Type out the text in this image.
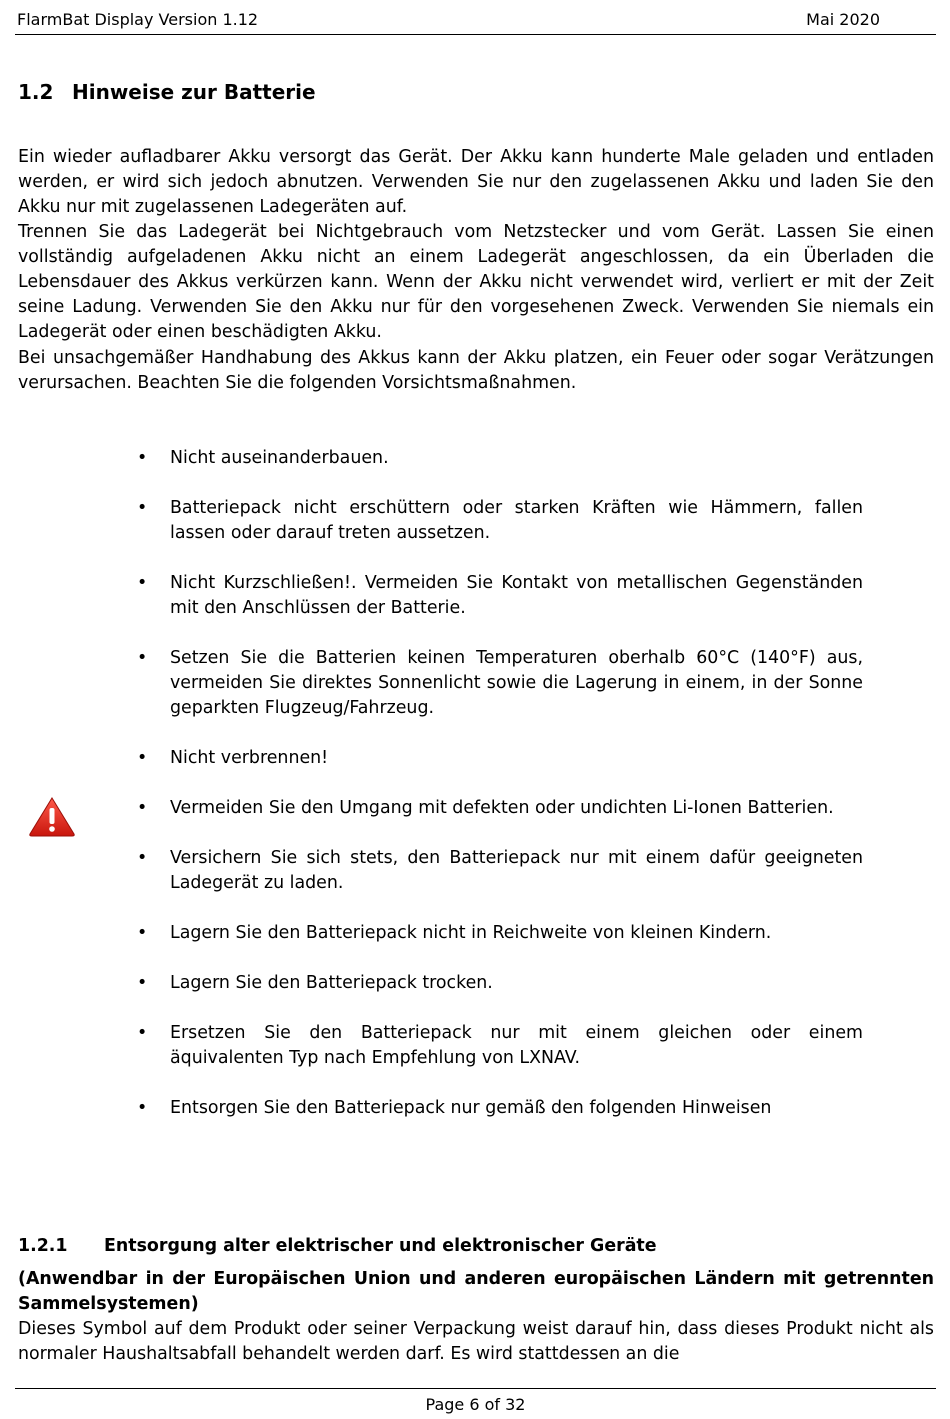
FlarmBat Display Version 1.12	Mai 2020
1.2 Hinweise zur Batterie
Ein wieder aufladbarer Akku versorgt das Gerät. Der Akku kann hunderte Male geladen und entladen werden, er wird sich jedoch abnutzen. Verwenden Sie nur den zugelassenen Akku und laden Sie den Akku nur mit zugelassenen Ladegeräten auf.
Trennen Sie das Ladegerät bei Nichtgebrauch vom Netzstecker und vom Gerät. Lassen Sie einen vollständig aufgeladenen Akku nicht an einem Ladegerät angeschlossen, da ein Überladen die Lebensdauer des Akkus verkürzen kann. Wenn der Akku nicht verwendet wird, verliert er mit der Zeit seine Ladung. Verwenden Sie den Akku nur für den vorgesehenen Zweck. Verwenden Sie niemals ein Ladegerät oder einen beschädigten Akku.
Bei unsachgemäßer Handhabung des Akkus kann der Akku platzen, ein Feuer oder sogar Verätzungen verursachen. Beachten Sie die folgenden Vorsichtsmaßnahmen.
• Nicht auseinanderbauen.
• Batteriepack nicht erschüttern oder starken Kräften wie Hämmern, fallen lassen oder darauf treten aussetzen.
• Nicht Kurzschließen!. Vermeiden Sie Kontakt von metallischen Gegenständen mit den Anschlüssen der Batterie.
• Setzen Sie die Batterien keinen Temperaturen oberhalb 60°C (140°F) aus, vermeiden Sie direktes Sonnenlicht sowie die Lagerung in einem, in der Sonne geparkten Flugzeug/Fahrzeug.
• Nicht verbrennen!
• Vermeiden Sie den Umgang mit defekten oder undichten Li-Ionen Batterien.
• Versichern Sie sich stets, den Batteriepack nur mit einem dafür geeigneten Ladegerät zu laden.
• Lagern Sie den Batteriepack nicht in Reichweite von kleinen Kindern.
• Lagern Sie den Batteriepack trocken.
• Ersetzen Sie den Batteriepack nur mit einem gleichen oder einem äquivalenten Typ nach Empfehlung von LXNAV.
• Entsorgen Sie den Batteriepack nur gemäß den folgenden Hinweisen
1.2.1 Entsorgung alter elektrischer und elektronischer Geräte
(Anwendbar in der Europäischen Union und anderen europäischen Ländern mit getrennten Sammelsystemen)
Dieses Symbol auf dem Produkt oder seiner Verpackung weist darauf hin, dass dieses Produkt nicht als normaler Haushaltsabfall behandelt werden darf. Es wird stattdessen an die
Page 6 of 32
